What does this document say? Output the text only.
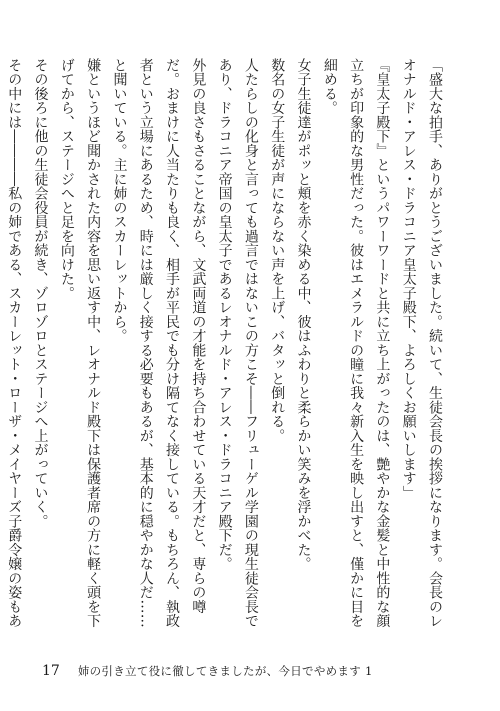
「盛大な拍手、ありがとうございました。続いて、生徒会長の挨拶になります。会長のレオナルド・アレス・ドラコニア皇太子殿下、よろしくお願いします」

『皇太子殿下』というパワーワードと共に立ち上がったのは、艶やかな金髪と中性的な顔立ちが印象的な男性だった。彼はエメラルドの瞳に我々新入生を映し出すと、僅かに目を細める。

女子生徒達がポッと頬を赤く染める中、彼はふわりと柔らかい笑みを浮かべた。

数名の女子生徒が声にならない声を上げ、バタッと倒れる。

人たらしの化身と言っても過言ではないこの方こそ――フリューゲル学園の現生徒会長であり、ドラコニア帝国の皇太子であるレオナルド・アレス・ドラコニア殿下だ。

外見の良さもさることながら、文武両道の才能を持ち合わせている天才だと、専らの噂だ。おまけに人当たりも良く、相手が平民でも分け隔てなく接している。もちろん、執政者という立場にあるため、時には厳しく接する必要もあるが、基本的に穏やかな人だ……と聞いている。主に姉のスカーレットから。

嫌というほど聞かされた内容を思い返す中、レオナルド殿下は保護者席の方に軽く頭を下げてから、ステージへと足を向けた。

その後ろに他の生徒会役員が続き、ゾロゾロとステージへ上がっていく。

その中には――――私の姉である、スカーレット・ローザ・メイヤーズ子爵令嬢の姿もあ

17 姉の引き立て役に徹してきましたが、今日でやめます 1
